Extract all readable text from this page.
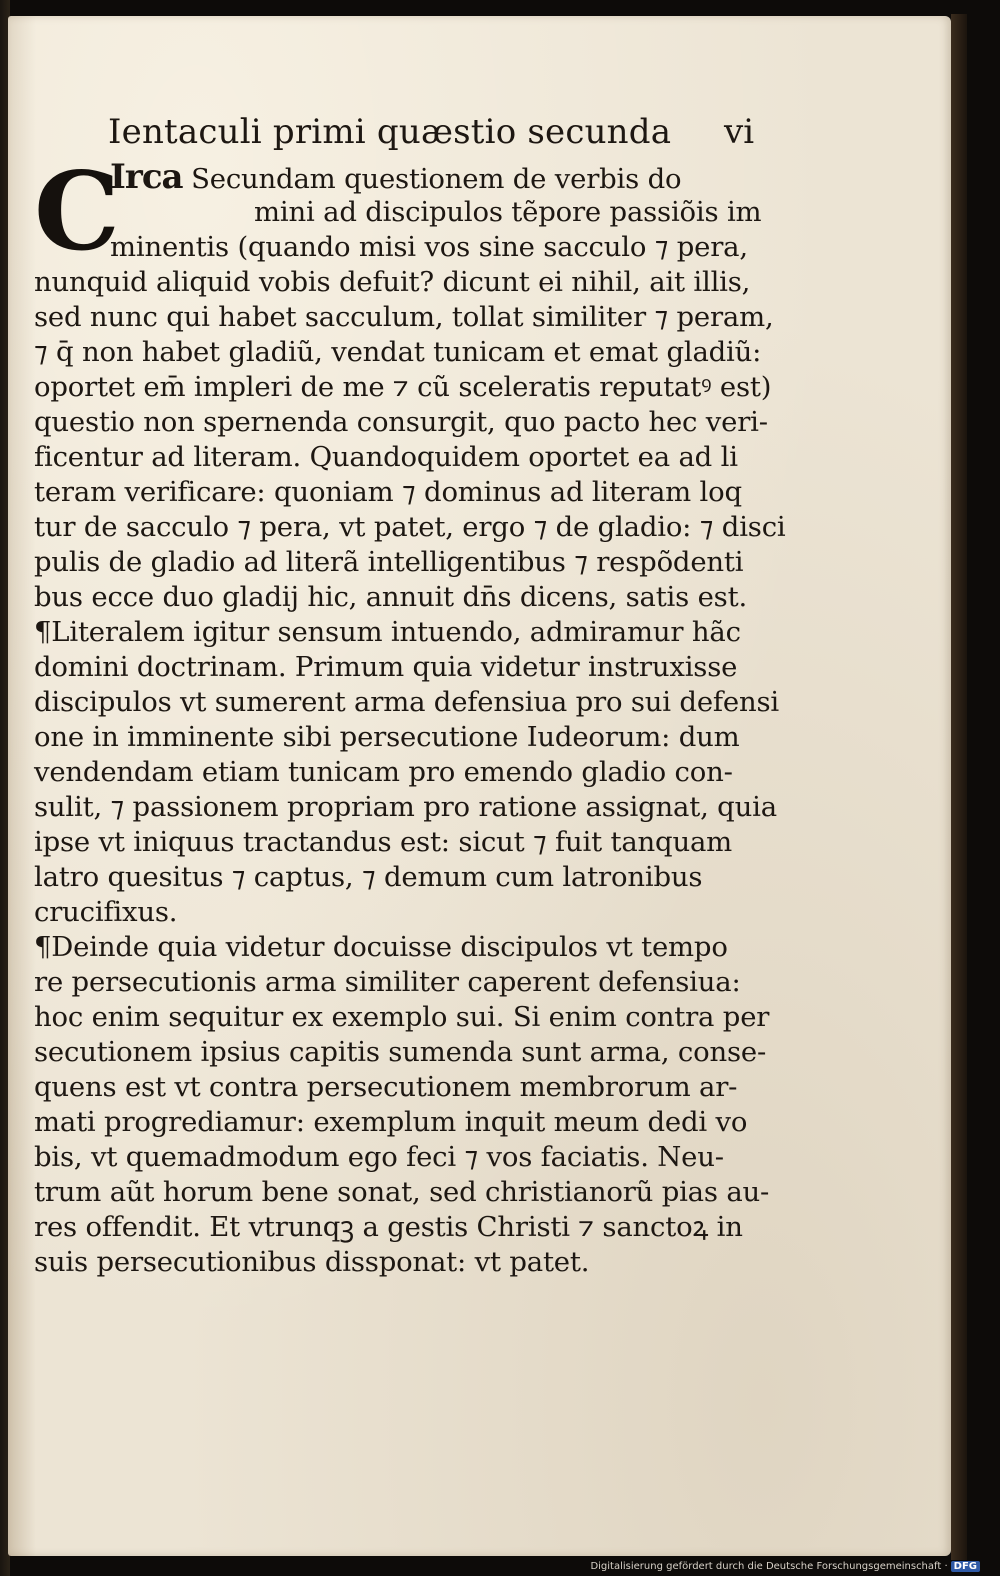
Ientaculi primi quæstio secunda vi
C
Irca Secundam questionem de verbis do
mini ad discipulos tẽpore passiõis im
minentis (quando misi vos sine sacculo ⁊ pera,
nunquid aliquid vobis defuit? dicunt ei nihil, ait illis,
sed nunc qui habet sacculum, tollat similiter ⁊ peram,
⁊ q̄ non habet gladiũ, vendat tunicam et emat gladiũ:
oportet em̄ impleri de me ⁊ cũ sceleratis reputatꝰ est)
questio non spernenda consurgit, quo pacto hec veri-
ficentur ad literam. Quandoquidem oportet ea ad li
teram verificare: quoniam ⁊ dominus ad literam loq
tur de sacculo ⁊ pera, vt patet, ergo ⁊ de gladio: ⁊ disci
pulis de gladio ad literã intelligentibus ⁊ respõdenti
bus ecce duo gladij hic, annuit dn̄s dicens, satis est.
¶Literalem igitur sensum intuendo, admiramur hãc
domini doctrinam. Primum quia videtur instruxisse
discipulos vt sumerent arma defensiua pro sui defensi
one in imminente sibi persecutione Iudeorum: dum
vendendam etiam tunicam pro emendo gladio con-
sulit, ⁊ passionem propriam pro ratione assignat, quia
ipse vt iniquus tractandus est: sicut ⁊ fuit tanquam
latro quesitus ⁊ captus, ⁊ demum cum latronibus
crucifixus.
¶Deinde quia videtur docuisse discipulos vt tempo
re persecutionis arma similiter caperent defensiua:
hoc enim sequitur ex exemplo sui. Si enim contra per
secutionem ipsius capitis sumenda sunt arma, conse-
quens est vt contra persecutionem membrorum ar-
mati progrediamur: exemplum inquit meum dedi vo
bis, vt quemadmodum ego feci ⁊ vos faciatis. Neu-
trum aũt horum bene sonat, sed christianorũ pias au-
res offendit. Et vtrunqꝫ a gestis Christi ⁊ sanctoꝝ in
suis persecutionibus dissponat: vt patet.
Digitalisierung gefördert durch die Deutsche Forschungsgemeinschaft · DFG
